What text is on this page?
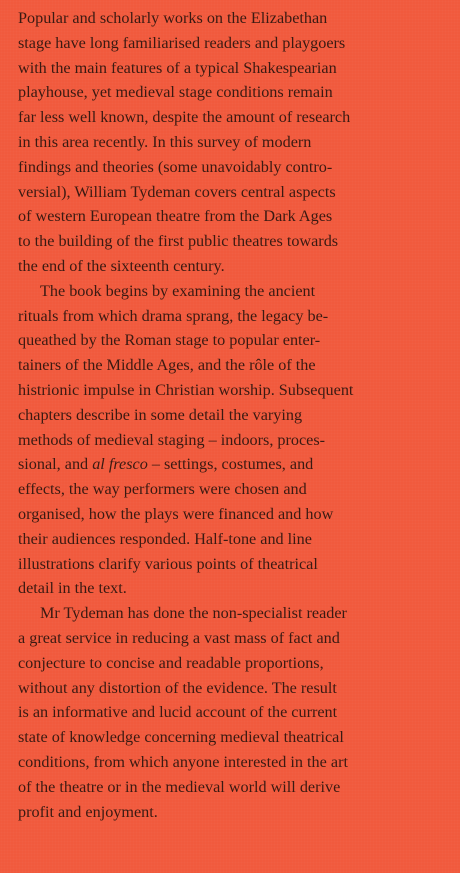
Popular and scholarly works on the Elizabethan
stage have long familiarised readers and playgoers
with the main features of a typical Shakespearian
playhouse, yet medieval stage conditions remain
far less well known, despite the amount of research
in this area recently. In this survey of modern
findings and theories (some unavoidably contro-
versial), William Tydeman covers central aspects
of western European theatre from the Dark Ages
to the building of the first public theatres towards
the end of the sixteenth century.
The book begins by examining the ancient
rituals from which drama sprang, the legacy be-
queathed by the Roman stage to popular enter-
tainers of the Middle Ages, and the rôle of the
histrionic impulse in Christian worship. Subsequent
chapters describe in some detail the varying
methods of medieval staging – indoors, proces-
sional, and al fresco – settings, costumes, and
effects, the way performers were chosen and
organised, how the plays were financed and how
their audiences responded. Half-tone and line
illustrations clarify various points of theatrical
detail in the text.
Mr Tydeman has done the non-specialist reader
a great service in reducing a vast mass of fact and
conjecture to concise and readable proportions,
without any distortion of the evidence. The result
is an informative and lucid account of the current
state of knowledge concerning medieval theatrical
conditions, from which anyone interested in the art
of the theatre or in the medieval world will derive
profit and enjoyment.
